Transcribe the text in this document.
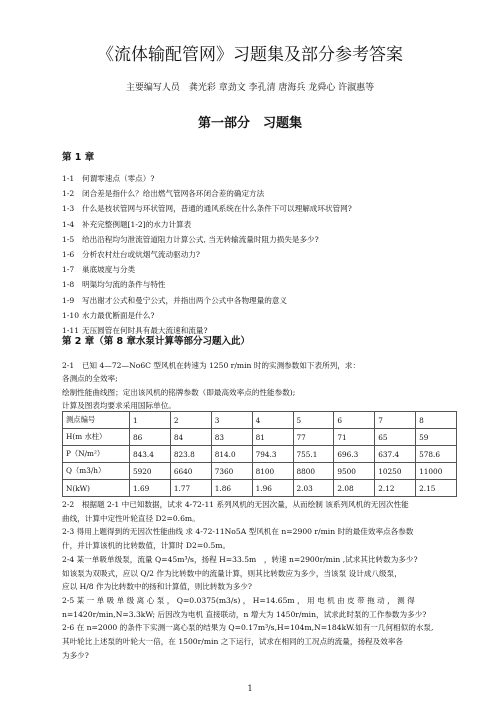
《流体输配管网》习题集及部分参考答案
主要编写人员　龚光彩 章劲文 李孔清 唐海兵 龙舜心 许淑惠等
第一部分　习题集
第 1 章
1-1 何谓零速点（零点）?
1-2 闭合差是指什么？给出燃气管网各环闭合差的确定方法
1-3 什么是枝状管网与环状管网，普通的通风系统在什么条件下可以理解成环状管网?
1-4 补充完整例题[1-2]的水力计算表
1-5 给出沿程均匀泄流管道阻力计算公式, 当无转输流量时阻力损失是多少?
1-6 分析农村灶台或炕烟气流动驱动力?
1-7 巢底坡度与分类
1-8 明渠均匀流的条件与特性
1-9 写出谢才公式和曼宁公式，并指出两个公式中各物理量的意义
1-10 水力最优断面是什么?
1-11 无压圆管在何时具有最大流速和流量?
第 2 章（第 8 章水泵计算等部分习题入此）
2-1　已知 4—72—No6C 型风机在转速为 1250 r/min 时的实测参数如下表所列，求：
各测点的全效率;
绘制性能曲线图；定出该风机的铭牌参数（即最高效率点的性能参数);
计算及图表均要求采用国际单位。
测点编号	1	2	3	4	5	6	7	8
H(m 水柱）	86	84	83	81	77	71	65	59
P（N/m²）	843.4	823.8	814.0	794.3	755.1	696.3	637.4	578.6
Q（m3/h）	5920	6640	7360	8100	8800	9500	10250	11000
N(kW)	1.69	1.77	1.86	1.96	2.03	2.08	2.12	2.15
2-2　根据题 2-1 中已知数据，试求 4-72-11 系列风机的无因次量，从而绘制 该系列风机的无因次性能
曲线，计算中定性叶轮直径 D2=0.6m。
2-3 得用上题得到的无因次性能曲线 求 4-72-11No5A 型风机在 n=2900 r/min 时的最佳效率点各参数
什，并计算该机的比转数值，计算时 D2=0.5m。
2-4 某一单吸单级泵，流量 Q=45m³/s，扬程 H=33.5m　，转速 n=2900r/min ,试求其比转数为多少?
如该泵为双吸式，应以 Q/2 作为比转数中的流量计算，则其比转数应为多少，当该泵 设计成八级泵，
应以 H/8 作为比转数中的扬和计算值，则比转数为多少?
2-5 某 一 单 吸 单 级 离 心 泵 ， Q=0.0375(m3/s) ， H=14.65m ， 用 电 机 由 皮 带 拖 动 ， 测 得
n=1420r/min,N=3.3kW; 后因改为电机 直接联动，n 增大为 1450r/min，试求此时泵的工作参数为多少?
2-6 在 n=2000 的条件下实测一离心泵的结果为 Q=0.17m³/s,H=104m,N=184kW.如有一几何相似的水泵,
其叶轮比上述泵的叶轮大一倍，在 1500r/min 之下运行，试求在相同的工况点的流量，扬程及效率各
为多少?
1
